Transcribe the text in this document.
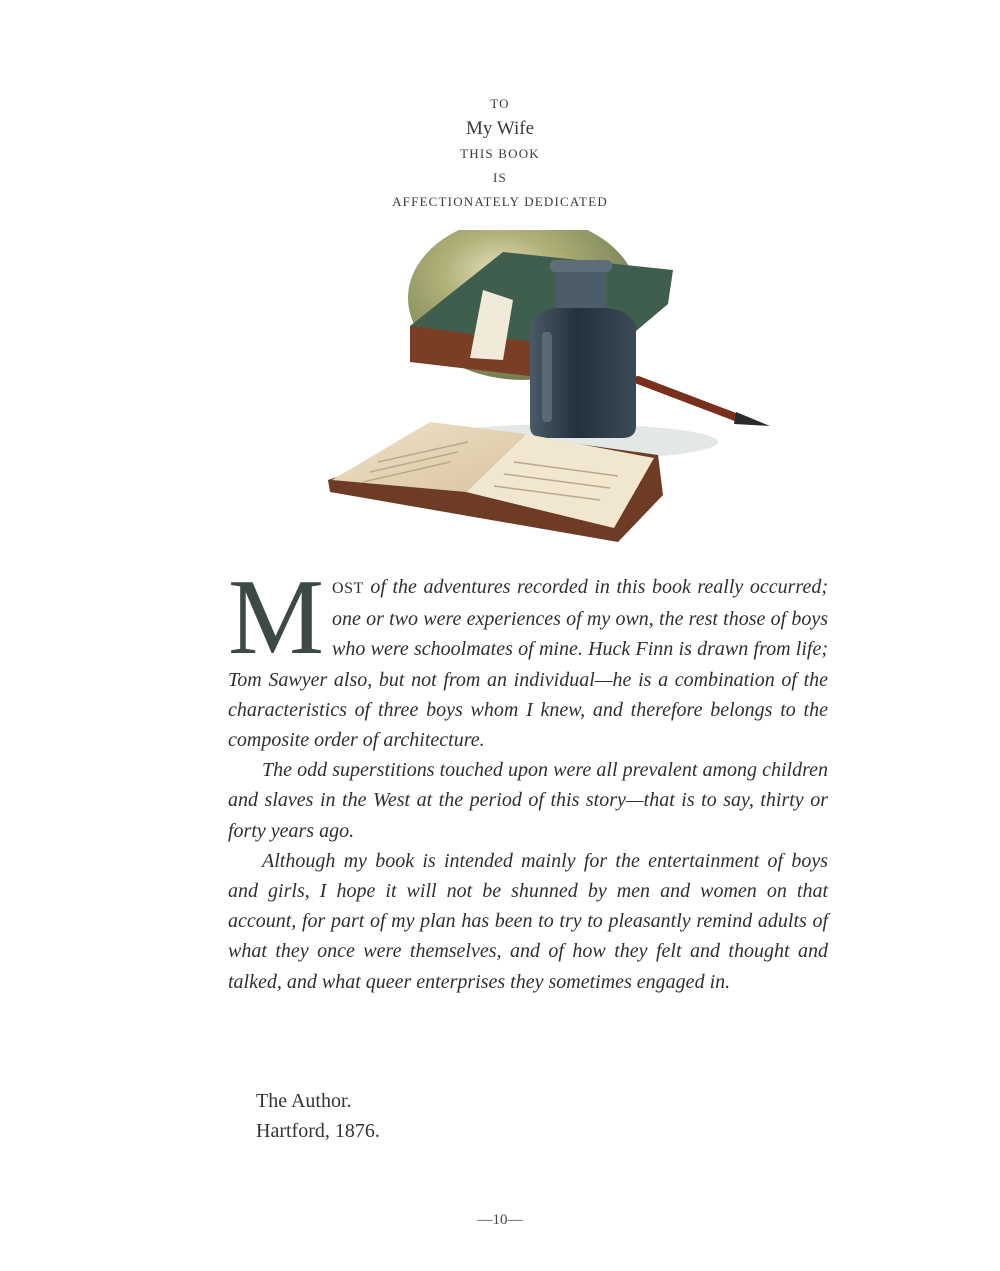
TO
My Wife
THIS BOOK
IS
AFFECTIONATELY DEDICATED

MOST of the adventures recorded in this book really occurred; one or two were experiences of my own, the rest those of boys who were schoolmates of mine. Huck Finn is drawn from life; Tom Sawyer also, but not from an individual—he is a combination of the characteristics of three boys whom I knew, and therefore belongs to the composite order of architecture.

The odd superstitions touched upon were all prevalent among children and slaves in the West at the period of this story—that is to say, thirty or forty years ago.

Although my book is intended mainly for the entertainment of boys and girls, I hope it will not be shunned by men and women on that account, for part of my plan has been to try to pleasantly remind adults of what they once were themselves, and of how they felt and thought and talked, and what queer enterprises they sometimes engaged in.

The Author.
Hartford, 1876.
—10—
